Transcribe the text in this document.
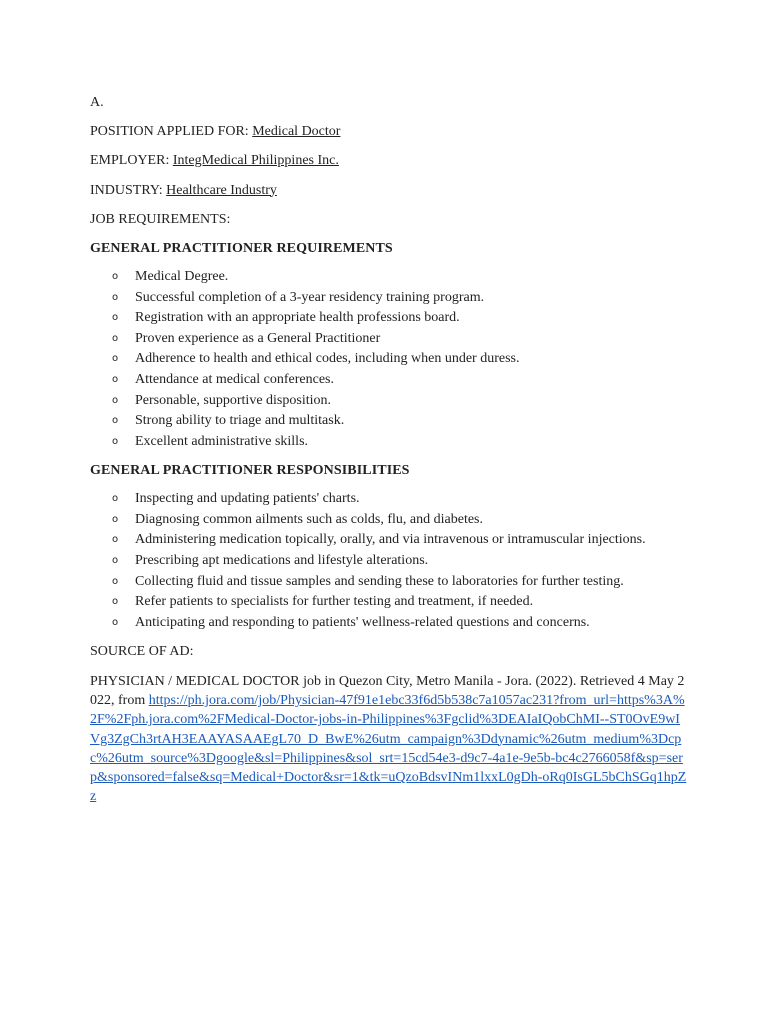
A.
POSITION APPLIED FOR: Medical Doctor
EMPLOYER: IntegMedical Philippines Inc.
INDUSTRY: Healthcare Industry
JOB REQUIREMENTS:
GENERAL PRACTITIONER REQUIREMENTS
o Medical Degree.
o Successful completion of a 3-year residency training program.
o Registration with an appropriate health professions board.
o Proven experience as a General Practitioner
o Adherence to health and ethical codes, including when under duress.
o Attendance at medical conferences.
o Personable, supportive disposition.
o Strong ability to triage and multitask.
o Excellent administrative skills.
GENERAL PRACTITIONER RESPONSIBILITIES
o Inspecting and updating patients' charts.
o Diagnosing common ailments such as colds, flu, and diabetes.
o Administering medication topically, orally, and via intravenous or intramuscular injections.
o Prescribing apt medications and lifestyle alterations.
o Collecting fluid and tissue samples and sending these to laboratories for further testing.
o Refer patients to specialists for further testing and treatment, if needed.
o Anticipating and responding to patients' wellness-related questions and concerns.
SOURCE OF AD:

PHYSICIAN / MEDICAL DOCTOR job in Quezon City, Metro Manila - Jora. (2022). Retrieved 4 May 2022, from https://ph.jora.com/job/Physician-47f91e1ebc33f6d5b538c7a1057ac231?from_url=https%3A%2F%2Fph.jora.com%2FMedical-Doctor-jobs-in-Philippines%3Fgclid%3DEAIaIQobChMI--ST0OvE9wIVg3ZgCh3rtAH3EAAYASAAEgL70_D_BwE%26utm_campaign%3Ddynamic%26utm_medium%3Dcpc%26utm_source%3Dgoogle&sl=Philippines&sol_srt=15cd54e3-d9c7-4a1e-9e5b-bc4c2766058f&sp=serp&sponsored=false&sq=Medical+Doctor&sr=1&tk=uQzoBdsvINm1lxxL0gDh-oRq0IsGL5bChSGq1hpZz
